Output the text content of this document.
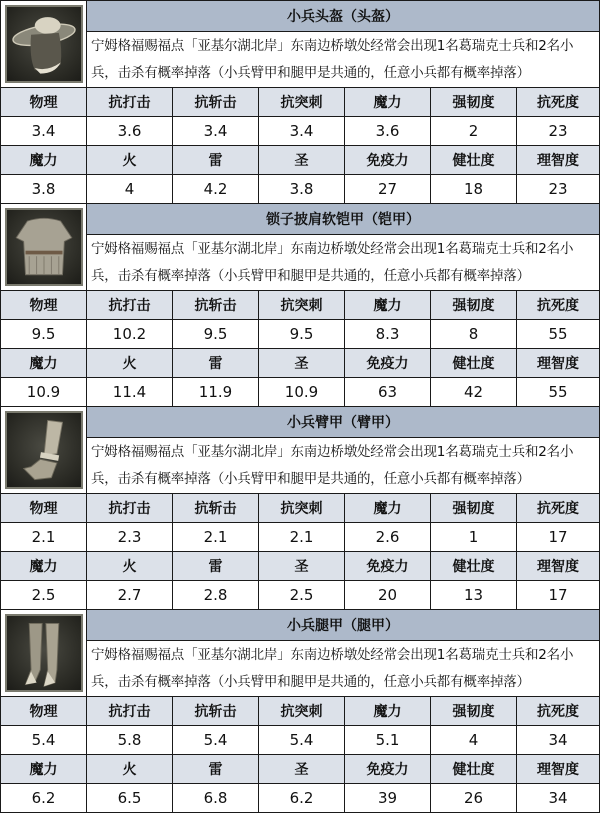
	小兵头盔（头盔）					
	宁姆格福赐福点「亚基尔湖北岸」东南边桥墩处经常会出现1名葛瑞克士兵和2名小兵，击杀有概率掉落（小兵臂甲和腿甲是共通的，任意小兵都有概率掉落）					
物理	抗打击	抗斩击	抗突刺	魔力	强韧度	抗死度
3.4	3.6	3.4	3.4	3.6	2	23
魔力	火	雷	圣	免疫力	健壮度	理智度
3.8	4	4.2	3.8	27	18	23

	锁子披肩软铠甲（铠甲）					
	宁姆格福赐福点「亚基尔湖北岸」东南边桥墩处经常会出现1名葛瑞克士兵和2名小兵，击杀有概率掉落（小兵臂甲和腿甲是共通的，任意小兵都有概率掉落）					
物理	抗打击	抗斩击	抗突刺	魔力	强韧度	抗死度
9.5	10.2	9.5	9.5	8.3	8	55
魔力	火	雷	圣	免疫力	健壮度	理智度
10.9	11.4	11.9	10.9	63	42	55

	小兵臂甲（臂甲）					
	宁姆格福赐福点「亚基尔湖北岸」东南边桥墩处经常会出现1名葛瑞克士兵和2名小兵，击杀有概率掉落（小兵臂甲和腿甲是共通的，任意小兵都有概率掉落）					
物理	抗打击	抗斩击	抗突刺	魔力	强韧度	抗死度
2.1	2.3	2.1	2.1	2.6	1	17
魔力	火	雷	圣	免疫力	健壮度	理智度
2.5	2.7	2.8	2.5	20	13	17

	小兵腿甲（腿甲）					
	宁姆格福赐福点「亚基尔湖北岸」东南边桥墩处经常会出现1名葛瑞克士兵和2名小兵，击杀有概率掉落（小兵臂甲和腿甲是共通的，任意小兵都有概率掉落）					
物理	抗打击	抗斩击	抗突刺	魔力	强韧度	抗死度
5.4	5.8	5.4	5.4	5.1	4	34
魔力	火	雷	圣	免疫力	健壮度	理智度
6.2	6.5	6.8	6.2	39	26	34
